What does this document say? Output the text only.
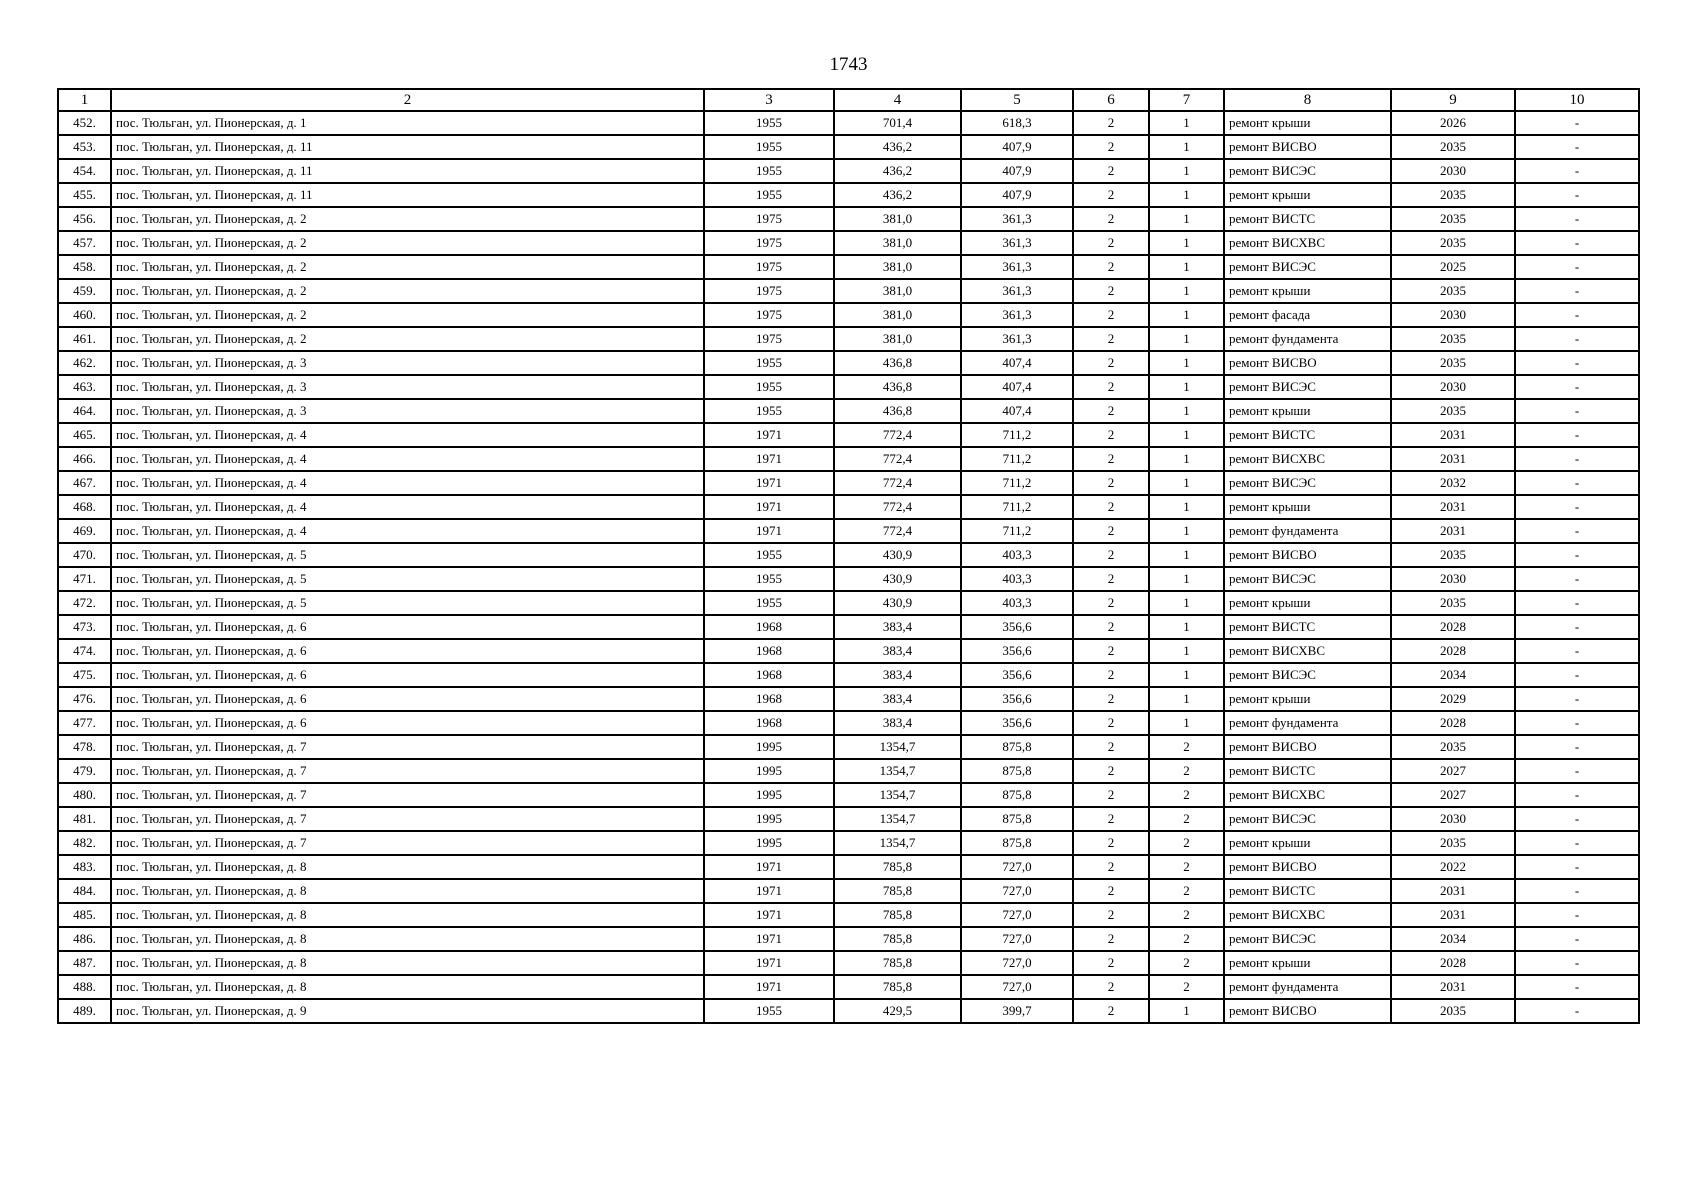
1743
1	2	3	4	5	6	7	8	9	10
452.	пос. Тюльган, ул. Пионерская, д. 1	1955	701,4	618,3	2	1	ремонт крыши	2026	-
453.	пос. Тюльган, ул. Пионерская, д. 11	1955	436,2	407,9	2	1	ремонт ВИСВО	2035	-
454.	пос. Тюльган, ул. Пионерская, д. 11	1955	436,2	407,9	2	1	ремонт ВИСЭС	2030	-
455.	пос. Тюльган, ул. Пионерская, д. 11	1955	436,2	407,9	2	1	ремонт крыши	2035	-
456.	пос. Тюльган, ул. Пионерская, д. 2	1975	381,0	361,3	2	1	ремонт ВИСТС	2035	-
457.	пос. Тюльган, ул. Пионерская, д. 2	1975	381,0	361,3	2	1	ремонт ВИСХВС	2035	-
458.	пос. Тюльган, ул. Пионерская, д. 2	1975	381,0	361,3	2	1	ремонт ВИСЭС	2025	-
459.	пос. Тюльган, ул. Пионерская, д. 2	1975	381,0	361,3	2	1	ремонт крыши	2035	-
460.	пос. Тюльган, ул. Пионерская, д. 2	1975	381,0	361,3	2	1	ремонт фасада	2030	-
461.	пос. Тюльган, ул. Пионерская, д. 2	1975	381,0	361,3	2	1	ремонт фундамента	2035	-
462.	пос. Тюльган, ул. Пионерская, д. 3	1955	436,8	407,4	2	1	ремонт ВИСВО	2035	-
463.	пос. Тюльган, ул. Пионерская, д. 3	1955	436,8	407,4	2	1	ремонт ВИСЭС	2030	-
464.	пос. Тюльган, ул. Пионерская, д. 3	1955	436,8	407,4	2	1	ремонт крыши	2035	-
465.	пос. Тюльган, ул. Пионерская, д. 4	1971	772,4	711,2	2	1	ремонт ВИСТС	2031	-
466.	пос. Тюльган, ул. Пионерская, д. 4	1971	772,4	711,2	2	1	ремонт ВИСХВС	2031	-
467.	пос. Тюльган, ул. Пионерская, д. 4	1971	772,4	711,2	2	1	ремонт ВИСЭС	2032	-
468.	пос. Тюльган, ул. Пионерская, д. 4	1971	772,4	711,2	2	1	ремонт крыши	2031	-
469.	пос. Тюльган, ул. Пионерская, д. 4	1971	772,4	711,2	2	1	ремонт фундамента	2031	-
470.	пос. Тюльган, ул. Пионерская, д. 5	1955	430,9	403,3	2	1	ремонт ВИСВО	2035	-
471.	пос. Тюльган, ул. Пионерская, д. 5	1955	430,9	403,3	2	1	ремонт ВИСЭС	2030	-
472.	пос. Тюльган, ул. Пионерская, д. 5	1955	430,9	403,3	2	1	ремонт крыши	2035	-
473.	пос. Тюльган, ул. Пионерская, д. 6	1968	383,4	356,6	2	1	ремонт ВИСТС	2028	-
474.	пос. Тюльган, ул. Пионерская, д. 6	1968	383,4	356,6	2	1	ремонт ВИСХВС	2028	-
475.	пос. Тюльган, ул. Пионерская, д. 6	1968	383,4	356,6	2	1	ремонт ВИСЭС	2034	-
476.	пос. Тюльган, ул. Пионерская, д. 6	1968	383,4	356,6	2	1	ремонт крыши	2029	-
477.	пос. Тюльган, ул. Пионерская, д. 6	1968	383,4	356,6	2	1	ремонт фундамента	2028	-
478.	пос. Тюльган, ул. Пионерская, д. 7	1995	1354,7	875,8	2	2	ремонт ВИСВО	2035	-
479.	пос. Тюльган, ул. Пионерская, д. 7	1995	1354,7	875,8	2	2	ремонт ВИСТС	2027	-
480.	пос. Тюльган, ул. Пионерская, д. 7	1995	1354,7	875,8	2	2	ремонт ВИСХВС	2027	-
481.	пос. Тюльган, ул. Пионерская, д. 7	1995	1354,7	875,8	2	2	ремонт ВИСЭС	2030	-
482.	пос. Тюльган, ул. Пионерская, д. 7	1995	1354,7	875,8	2	2	ремонт крыши	2035	-
483.	пос. Тюльган, ул. Пионерская, д. 8	1971	785,8	727,0	2	2	ремонт ВИСВО	2022	-
484.	пос. Тюльган, ул. Пионерская, д. 8	1971	785,8	727,0	2	2	ремонт ВИСТС	2031	-
485.	пос. Тюльган, ул. Пионерская, д. 8	1971	785,8	727,0	2	2	ремонт ВИСХВС	2031	-
486.	пос. Тюльган, ул. Пионерская, д. 8	1971	785,8	727,0	2	2	ремонт ВИСЭС	2034	-
487.	пос. Тюльган, ул. Пионерская, д. 8	1971	785,8	727,0	2	2	ремонт крыши	2028	-
488.	пос. Тюльган, ул. Пионерская, д. 8	1971	785,8	727,0	2	2	ремонт фундамента	2031	-
489.	пос. Тюльган, ул. Пионерская, д. 9	1955	429,5	399,7	2	1	ремонт ВИСВО	2035	-
